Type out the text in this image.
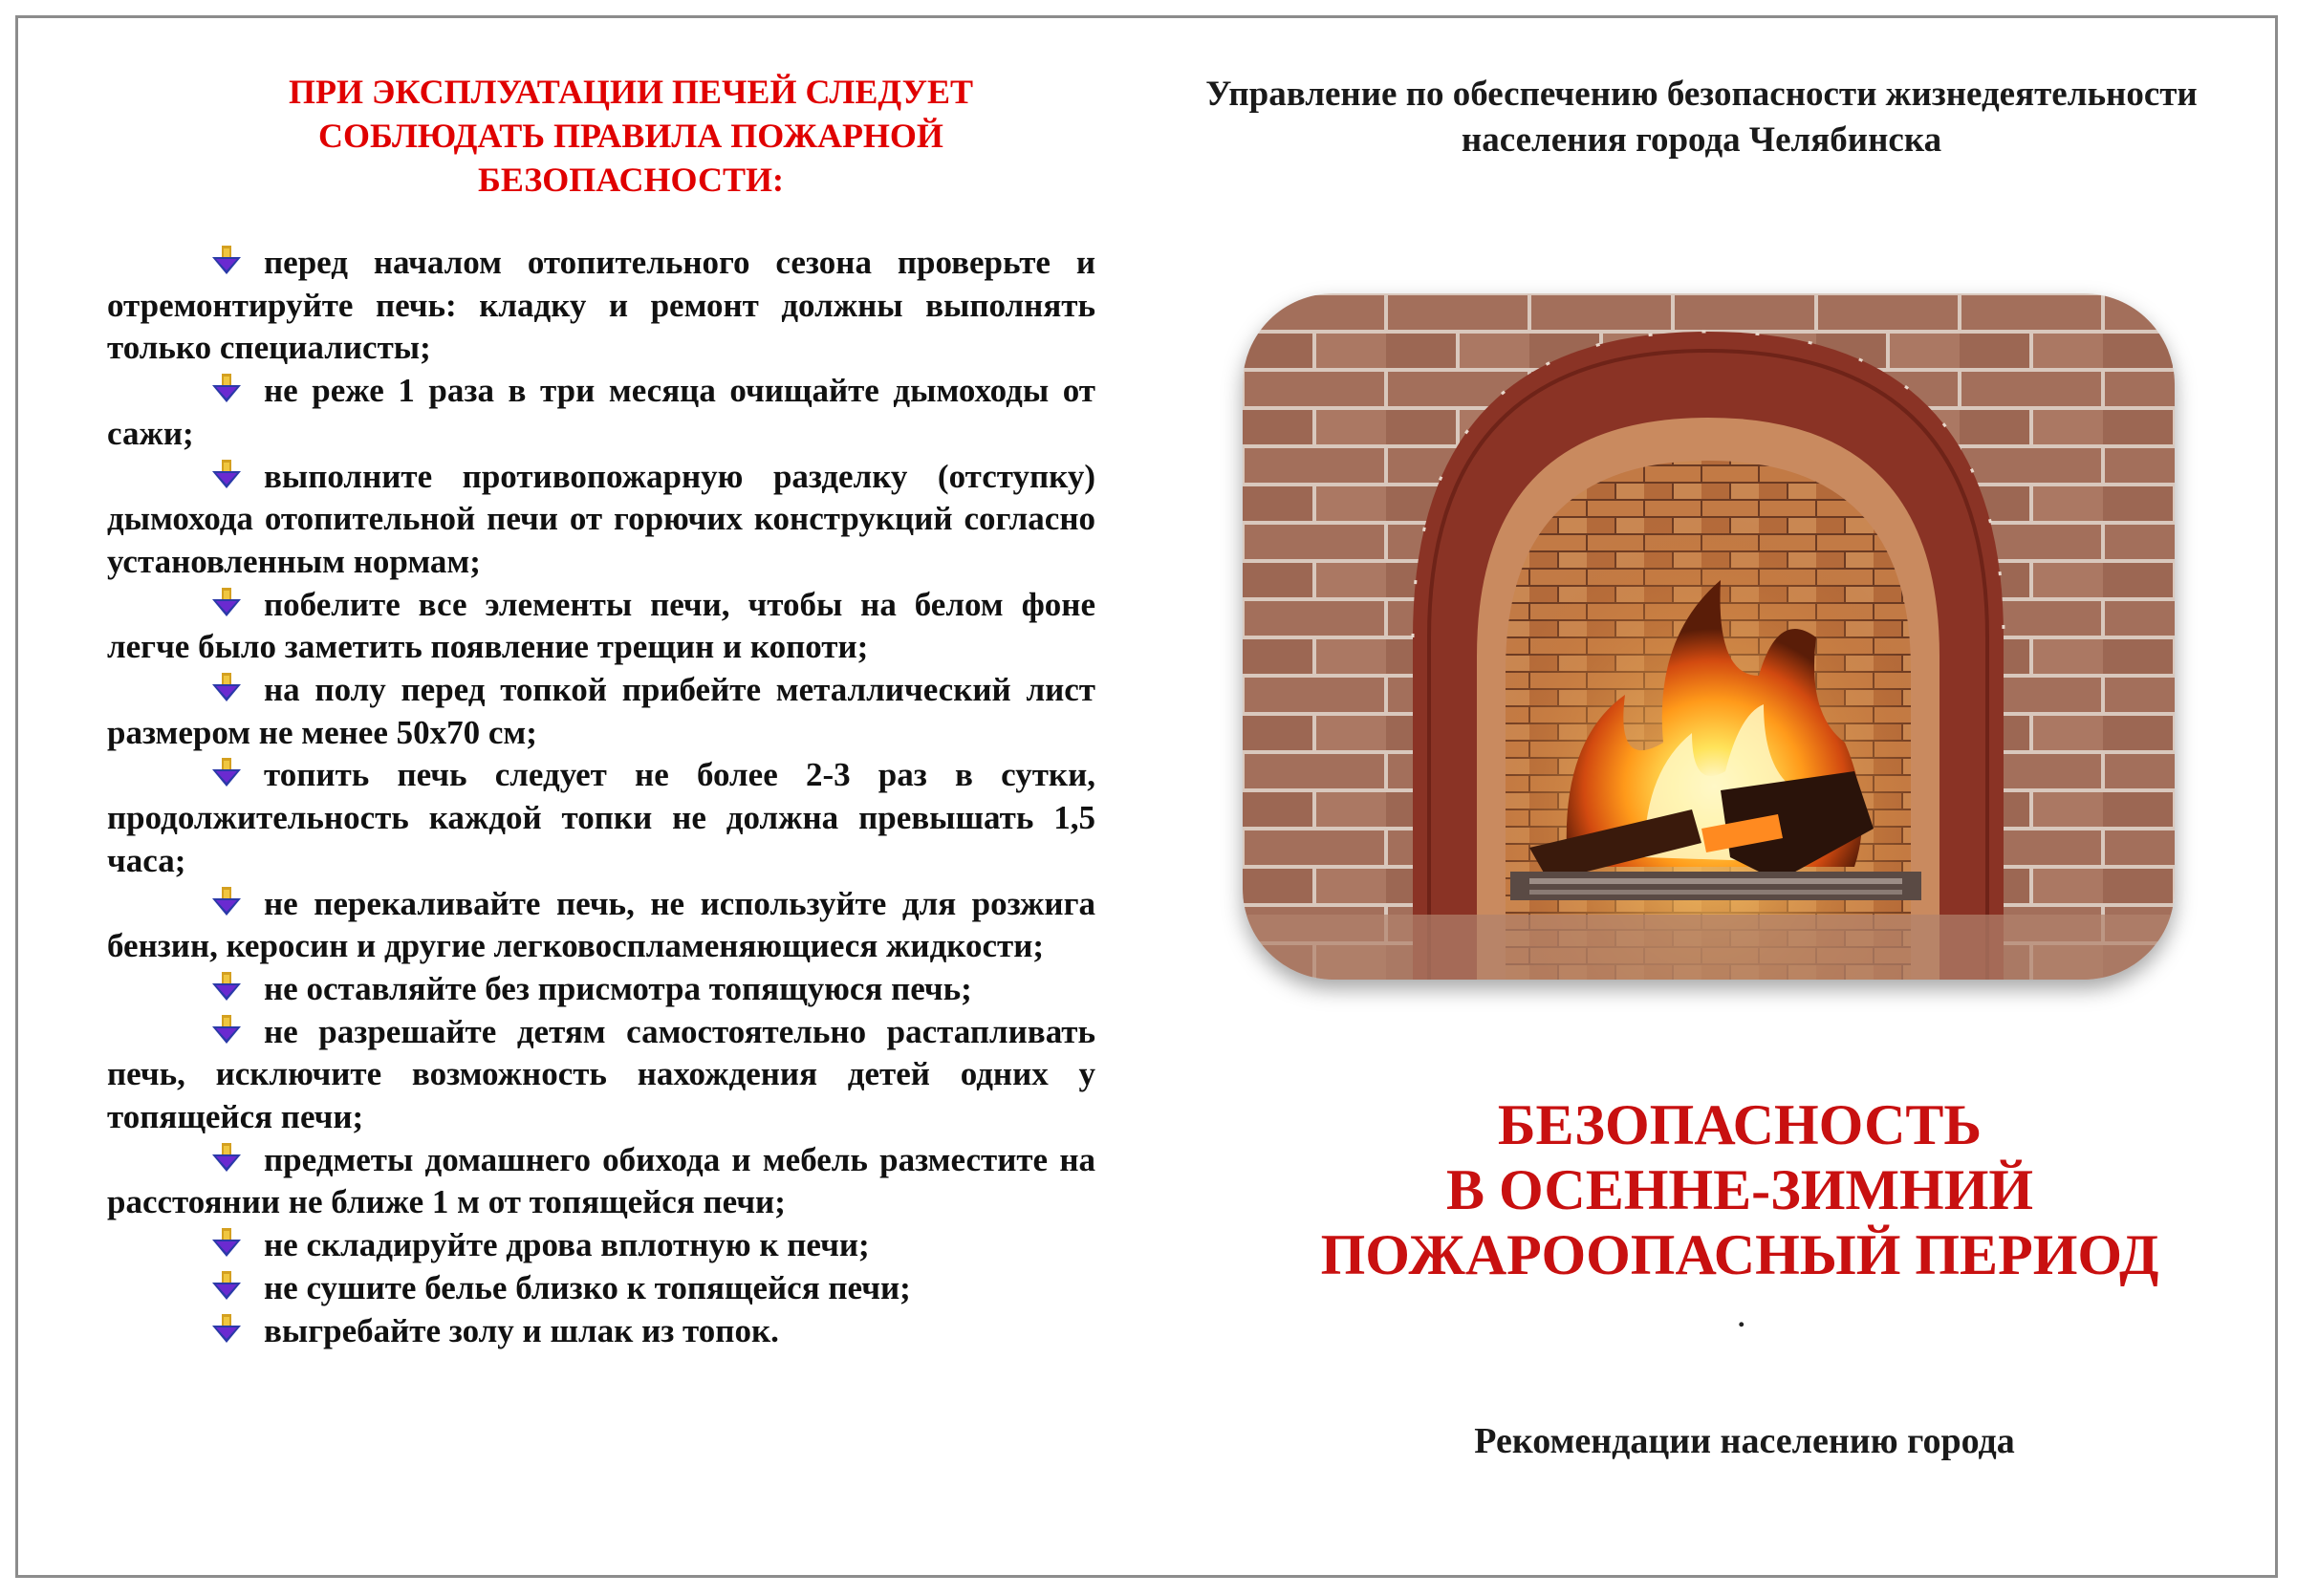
ПРИ ЭКСПЛУАТАЦИИ ПЕЧЕЙ СЛЕДУЕТ
СОБЛЮДАТЬ ПРАВИЛА ПОЖАРНОЙ
БЕЗОПАСНОСТИ:

перед началом отопительного сезона проверьте и отремонтируйте печь: кладку и ремонт должны выполнять только специалисты;

не реже 1 раза в три месяца очищайте дымоходы от сажи;

выполните противопожарную разделку (отступку) дымохода отопительной печи от горючих конструкций согласно установленным нормам;

побелите все элементы печи, чтобы на белом фоне легче было заметить появление трещин и копоти;

на полу перед топкой прибейте металлический лист размером не менее 50х70 см;

топить печь следует не более 2-3 раз в сутки, продолжительность каждой топки не должна превышать 1,5 часа;

не перекаливайте печь, не используйте для розжига бензин, керосин и другие легковоспламеняющиеся жидкости;

не оставляйте без присмотра топящуюся печь;

не разрешайте детям самостоятельно растапливать печь, исключите возможность нахождения детей одних у топящейся печи;

предметы домашнего обихода и мебель разместите на расстоянии не ближе 1 м от топящейся печи;

не складируйте дрова вплотную к печи;

не сушите белье близко к топящейся печи;

выгребайте золу и шлак из топок.

Управление по обеспечению безопасности жизнедеятельности населения города Челябинска
БЕЗОПАСНОСТЬ
В ОСЕННЕ-ЗИМНИЙ
ПОЖАРООПАСНЫЙ ПЕРИОД
.
Рекомендации населению города
